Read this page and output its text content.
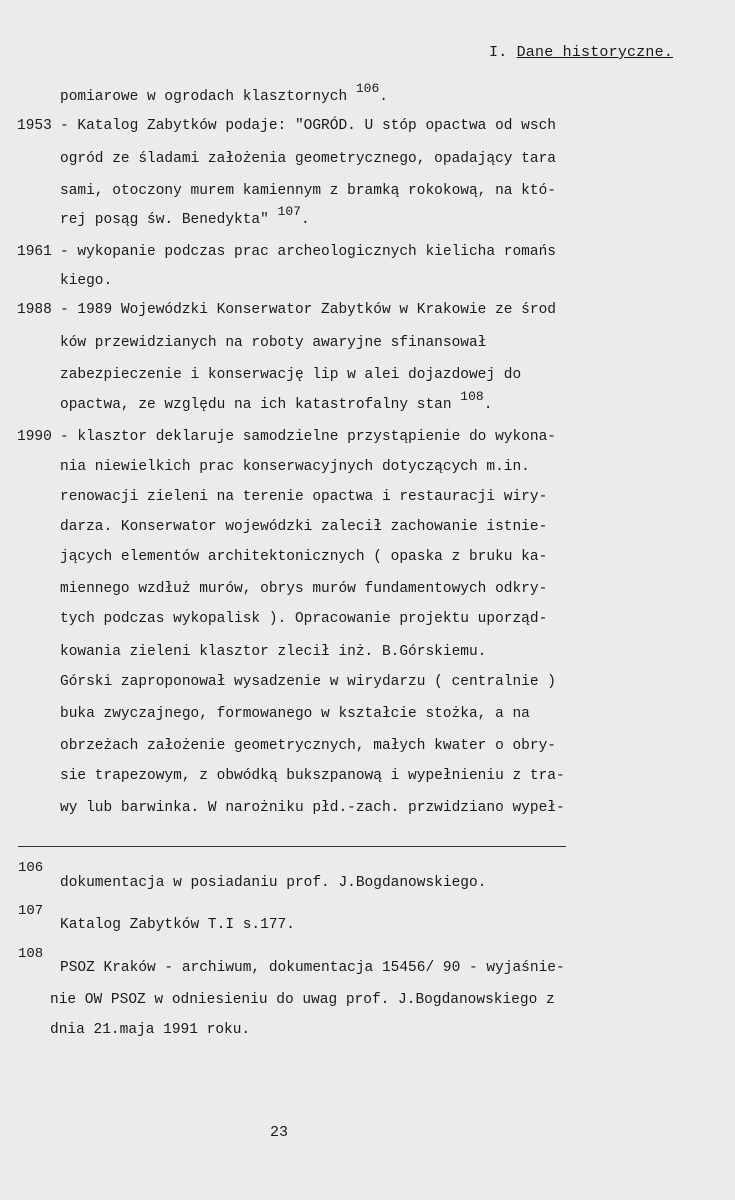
I. Dane historyczne.
pomiarowe w ogrodach klasztornych $^{106}$.
1953 - Katalog Zabytków podaje: "OGRÓD. U stóp opactwa od wsch
ogród ze śladami założenia geometrycznego, opadający tara
sami, otoczony murem kamiennym z bramką rokokową, na któ-
rej posąg św. Benedykta" $^{107}$.
1961 - wykopanie podczas prac archeologicznych kielicha romańs
kiego.
1988 - 1989 Wojewódzki Konserwator Zabytków w Krakowie ze środ
ków przewidzianych na roboty awaryjne sfinansował
zabezpieczenie i konserwację lip w alei dojazdowej do
opactwa, ze względu na ich katastrofalny stan $^{108}$.
1990 - klasztor deklaruje samodzielne przystąpienie do wykona-
nia niewielkich prac konserwacyjnych dotyczących m.in.
renowacji zieleni na terenie opactwa i restauracji wiry-
darza. Konserwator wojewódzki zalecił zachowanie istnie-
jących elementów architektonicznych ( opaska z bruku ka-
miennego wzdłuż murów, obrys murów fundamentowych odkry-
tych podczas wykopalisk ). Opracowanie projektu uporząd-
kowania zieleni klasztor zlecił inż. B.Górskiemu.
Górski zaproponował wysadzenie w wirydarzu ( centralnie )
buka zwyczajnego, formowanego w kształcie stożka, a na
obrzeżach założenie geometrycznych, małych kwater o obry-
sie trapezowym, z obwódką bukszpanową i wypełnieniu z tra-
wy lub barwinka. W narożniku płd.-zach. przwidziano wypeł-
106
dokumentacja w posiadaniu prof. J.Bogdanowskiego.
107
Katalog Zabytków T.I s.177.
108
PSOZ Kraków - archiwum, dokumentacja 15456/ 90 - wyjaśnie-
nie OW PSOZ w odniesieniu do uwag prof. J.Bogdanowskiego z
dnia 21.maja 1991 roku.
23
